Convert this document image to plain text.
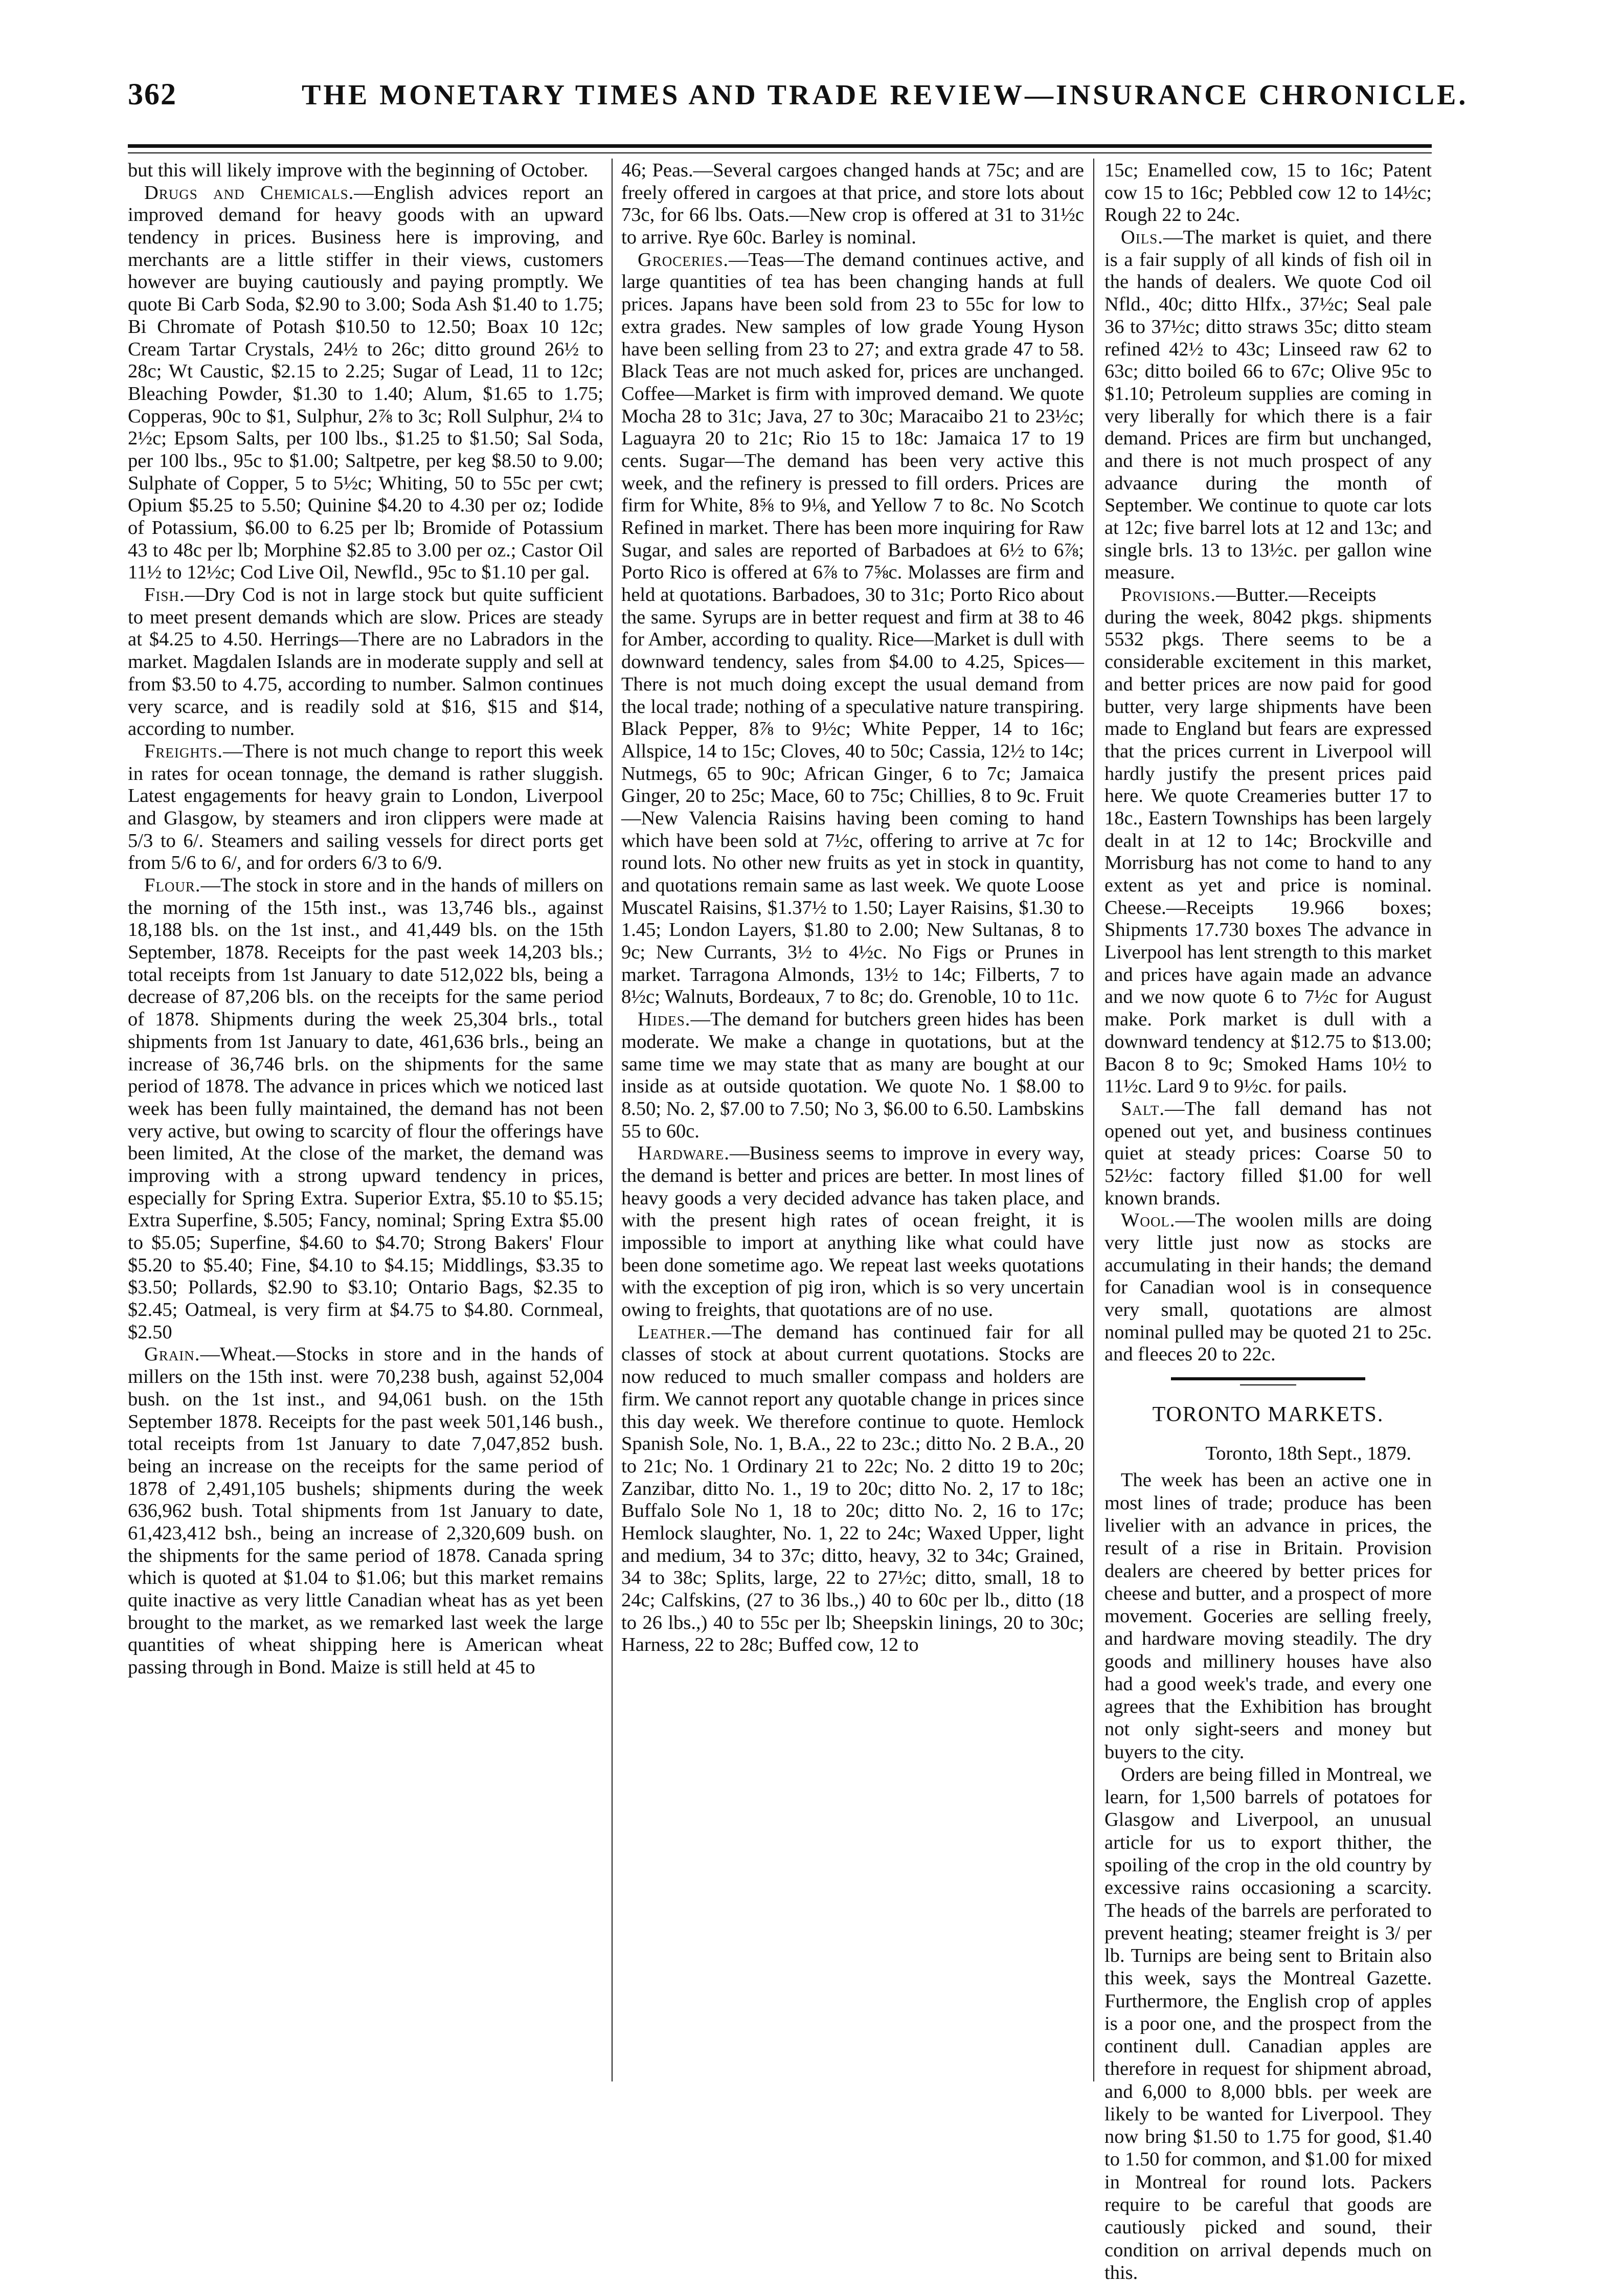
362	THE MONETARY TIMES AND TRADE REVIEW—INSURANCE CHRONICLE.

but this will likely improve with the beginning of October.

Drugs and Chemicals.—English advices report an improved demand for heavy goods with an upward tendency in prices. Business here is improving, and merchants are a little stiffer in their views, customers however are buying cautiously and paying promptly. We quote Bi Carb Soda, $2.90 to 3.00; Soda Ash $1.40 to 1.75; Bi Chromate of Potash $10.50 to 12.50; Boax 10 12c; Cream Tartar Crystals, 24½ to 26c; ditto ground 26½ to 28c; Wt Caustic, $2.15 to 2.25; Sugar of Lead, 11 to 12c; Bleaching Powder, $1.30 to 1.40; Alum, $1.65 to 1.75; Copperas, 90c to $1, Sulphur, 2⅞ to 3c; Roll Sulphur, 2¼ to 2½c; Epsom Salts, per 100 lbs., $1.25 to $1.50; Sal Soda, per 100 lbs., 95c to $1.00; Saltpetre, per keg $8.50 to 9.00; Sulphate of Copper, 5 to 5½c; Whiting, 50 to 55c per cwt; Opium $5.25 to 5.50; Quinine $4.20 to 4.30 per oz; Iodide of Potassium, $6.00 to 6.25 per lb; Bromide of Potassium 43 to 48c per lb; Morphine $2.85 to 3.00 per oz.; Castor Oil 11½ to 12½c; Cod Live Oil, Newfld., 95c to $1.10 per gal.

Fish.—Dry Cod is not in large stock but quite sufficient to meet present demands which are slow. Prices are steady at $4.25 to 4.50. Herrings—There are no Labradors in the market. Magdalen Islands are in moderate supply and sell at from $3.50 to 4.75, according to number. Salmon continues very scarce, and is readily sold at $16, $15 and $14, according to number.

Freights.—There is not much change to report this week in rates for ocean tonnage, the demand is rather sluggish. Latest engagements for heavy grain to London, Liverpool and Glasgow, by steamers and iron clippers were made at 5/3 to 6/. Steamers and sailing vessels for direct ports get from 5/6 to 6/, and for orders 6/3 to 6/9.

Flour.—The stock in store and in the hands of millers on the morning of the 15th inst., was 13,746 bls., against 18,188 bls. on the 1st inst., and 41,449 bls. on the 15th September, 1878. Receipts for the past week 14,203 bls.; total receipts from 1st January to date 512,022 bls, being a decrease of 87,206 bls. on the receipts for the same period of 1878. Shipments during the week 25,304 brls., total shipments from 1st January to date, 461,636 brls., being an increase of 36,746 brls. on the shipments for the same period of 1878. The advance in prices which we noticed last week has been fully maintained, the demand has not been very active, but owing to scarcity of flour the offerings have been limited, At the close of the market, the demand was improving with a strong upward tendency in prices, especially for Spring Extra. Superior Extra, $5.10 to $5.15; Extra Superfine, $.505; Fancy, nominal; Spring Extra $5.00 to $5.05; Superfine, $4.60 to $4.70; Strong Bakers' Flour $5.20 to $5.40; Fine, $4.10 to $4.15; Middlings, $3.35 to $3.50; Pollards, $2.90 to $3.10; Ontario Bags, $2.35 to $2.45; Oatmeal, is very firm at $4.75 to $4.80. Cornmeal, $2.50

Grain.—Wheat.—Stocks in store and in the hands of millers on the 15th inst. were 70,238 bush, against 52,004 bush. on the 1st inst., and 94,061 bush. on the 15th September 1878. Receipts for the past week 501,146 bush., total receipts from 1st January to date 7,047,852 bush. being an increase on the receipts for the same period of 1878 of 2,491,105 bushels; shipments during the week 636,962 bush. Total shipments from 1st January to date, 61,423,412 bsh., being an increase of 2,320,609 bush. on the shipments for the same period of 1878. Canada spring which is quoted at $1.04 to $1.06; but this market remains quite inactive as very little Canadian wheat has as yet been brought to the market, as we remarked last week the large quantities of wheat shipping here is American wheat passing through in Bond. Maize is still held at 45 to

46; Peas.—Several cargoes changed hands at 75c; and are freely offered in cargoes at that price, and store lots about 73c, for 66 lbs. Oats.—New crop is offered at 31 to 31½c to arrive. Rye 60c. Barley is nominal.

Groceries.—Teas—The demand continues active, and large quantities of tea has been changing hands at full prices. Japans have been sold from 23 to 55c for low to extra grades. New samples of low grade Young Hyson have been selling from 23 to 27; and extra grade 47 to 58. Black Teas are not much asked for, prices are unchanged. Coffee—Market is firm with improved demand. We quote Mocha 28 to 31c; Java, 27 to 30c; Maracaibo 21 to 23½c; Laguayra 20 to 21c; Rio 15 to 18c: Jamaica 17 to 19 cents. Sugar—The demand has been very active this week, and the refinery is pressed to fill orders. Prices are firm for White, 8⅝ to 9⅛, and Yellow 7 to 8c. No Scotch Refined in market. There has been more inquiring for Raw Sugar, and sales are reported of Barbadoes at 6½ to 6⅞; Porto Rico is offered at 6⅞ to 7⅝c. Molasses are firm and held at quotations. Barbadoes, 30 to 31c; Porto Rico about the same. Syrups are in better request and firm at 38 to 46 for Amber, according to quality. Rice—Market is dull with downward tendency, sales from $4.00 to 4.25, Spices—There is not much doing except the usual demand from the local trade; nothing of a speculative nature transpiring. Black Pepper, 8⅞ to 9½c; White Pepper, 14 to 16c; Allspice, 14 to 15c; Cloves, 40 to 50c; Cassia, 12½ to 14c; Nutmegs, 65 to 90c; African Ginger, 6 to 7c; Jamaica Ginger, 20 to 25c; Mace, 60 to 75c; Chillies, 8 to 9c. Fruit—New Valencia Raisins having been coming to hand which have been sold at 7½c, offering to arrive at 7c for round lots. No other new fruits as yet in stock in quantity, and quotations remain same as last week. We quote Loose Muscatel Raisins, $1.37½ to 1.50; Layer Raisins, $1.30 to 1.45; London Layers, $1.80 to 2.00; New Sultanas, 8 to 9c; New Currants, 3½ to 4½c. No Figs or Prunes in market. Tarragona Almonds, 13½ to 14c; Filberts, 7 to 8½c; Walnuts, Bordeaux, 7 to 8c; do. Grenoble, 10 to 11c.

Hides.—The demand for butchers green hides has been moderate. We make a change in quotations, but at the same time we may state that as many are bought at our inside as at outside quotation. We quote No. 1 $8.00 to 8.50; No. 2, $7.00 to 7.50; No 3, $6.00 to 6.50. Lambskins 55 to 60c.

Hardware.—Business seems to improve in every way, the demand is better and prices are better. In most lines of heavy goods a very decided advance has taken place, and with the present high rates of ocean freight, it is impossible to import at anything like what could have been done sometime ago. We repeat last weeks quotations with the exception of pig iron, which is so very uncertain owing to freights, that quotations are of no use.

Leather.—The demand has continued fair for all classes of stock at about current quotations. Stocks are now reduced to much smaller compass and holders are firm. We cannot report any quotable change in prices since this day week. We therefore continue to quote. Hemlock Spanish Sole, No. 1, B.A., 22 to 23c.; ditto No. 2 B.A., 20 to 21c; No. 1 Ordinary 21 to 22c; No. 2 ditto 19 to 20c; Zanzibar, ditto No. 1., 19 to 20c; ditto No. 2, 17 to 18c; Buffalo Sole No 1, 18 to 20c; ditto No. 2, 16 to 17c; Hemlock slaughter, No. 1, 22 to 24c; Waxed Upper, light and medium, 34 to 37c; ditto, heavy, 32 to 34c; Grained, 34 to 38c; Splits, large, 22 to 27½c; ditto, small, 18 to 24c; Calfskins, (27 to 36 lbs.,) 40 to 60c per lb., ditto (18 to 26 lbs.,) 40 to 55c per lb; Sheepskin linings, 20 to 30c; Harness, 22 to 28c; Buffed cow, 12 to

15c; Enamelled cow, 15 to 16c; Patent cow 15 to 16c; Pebbled cow 12 to 14½c; Rough 22 to 24c.

Oils.—The market is quiet, and there is a fair supply of all kinds of fish oil in the hands of dealers. We quote Cod oil Nfld., 40c; ditto Hlfx., 37½c; Seal pale 36 to 37½c; ditto straws 35c; ditto steam refined 42½ to 43c; Linseed raw 62 to 63c; ditto boiled 66 to 67c; Olive 95c to $1.10; Petroleum supplies are coming in very liberally for which there is a fair demand. Prices are firm but unchanged, and there is not much prospect of any advaance during the month of September. We continue to quote car lots at 12c; five barrel lots at 12 and 13c; and single brls. 13 to 13½c. per gallon wine measure.

Provisions.—Butter.—Receipts during the week, 8042 pkgs. shipments 5532 pkgs. There seems to be a considerable excitement in this market, and better prices are now paid for good butter, very large shipments have been made to England but fears are expressed that the prices current in Liverpool will hardly justify the present prices paid here. We quote Creameries butter 17 to 18c., Eastern Townships has been largely dealt in at 12 to 14c; Brockville and Morrisburg has not come to hand to any extent as yet and price is nominal. Cheese.—Receipts 19.966 boxes; Shipments 17.730 boxes The advance in Liverpool has lent strength to this market and prices have again made an advance and we now quote 6 to 7½c for August make. Pork market is dull with a downward tendency at $12.75 to $13.00; Bacon 8 to 9c; Smoked Hams 10½ to 11½c. Lard 9 to 9½c. for pails.

Salt.—The fall demand has not opened out yet, and business continues quiet at steady prices: Coarse 50 to 52½c: factory filled $1.00 for well known brands.

Wool.—The woolen mills are doing very little just now as stocks are accumulating in their hands; the demand for Canadian wool is in consequence very small, quotations are almost nominal pulled may be quoted 21 to 25c. and fleeces 20 to 22c.

TORONTO MARKETS.
Toronto, 18th Sept., 1879.

The week has been an active one in most lines of trade; produce has been livelier with an advance in prices, the result of a rise in Britain. Provision dealers are cheered by better prices for cheese and butter, and a prospect of more movement. Goceries are selling freely, and hardware moving steadily. The dry goods and millinery houses have also had a good week's trade, and every one agrees that the Exhibition has brought not only sight-seers and money but buyers to the city.

Orders are being filled in Montreal, we learn, for 1,500 barrels of potatoes for Glasgow and Liverpool, an unusual article for us to export thither, the spoiling of the crop in the old country by excessive rains occasioning a scarcity. The heads of the barrels are perforated to prevent heating; steamer freight is 3/ per lb. Turnips are being sent to Britain also this week, says the Montreal Gazette. Furthermore, the English crop of apples is a poor one, and the prospect from the continent dull. Canadian apples are therefore in request for shipment abroad, and 6,000 to 8,000 bbls. per week are likely to be wanted for Liverpool. They now bring $1.50 to 1.75 for good, $1.40 to 1.50 for common, and $1.00 for mixed in Montreal for round lots. Packers require to be careful that goods are cautiously picked and sound, their condition on arrival depends much on this.
